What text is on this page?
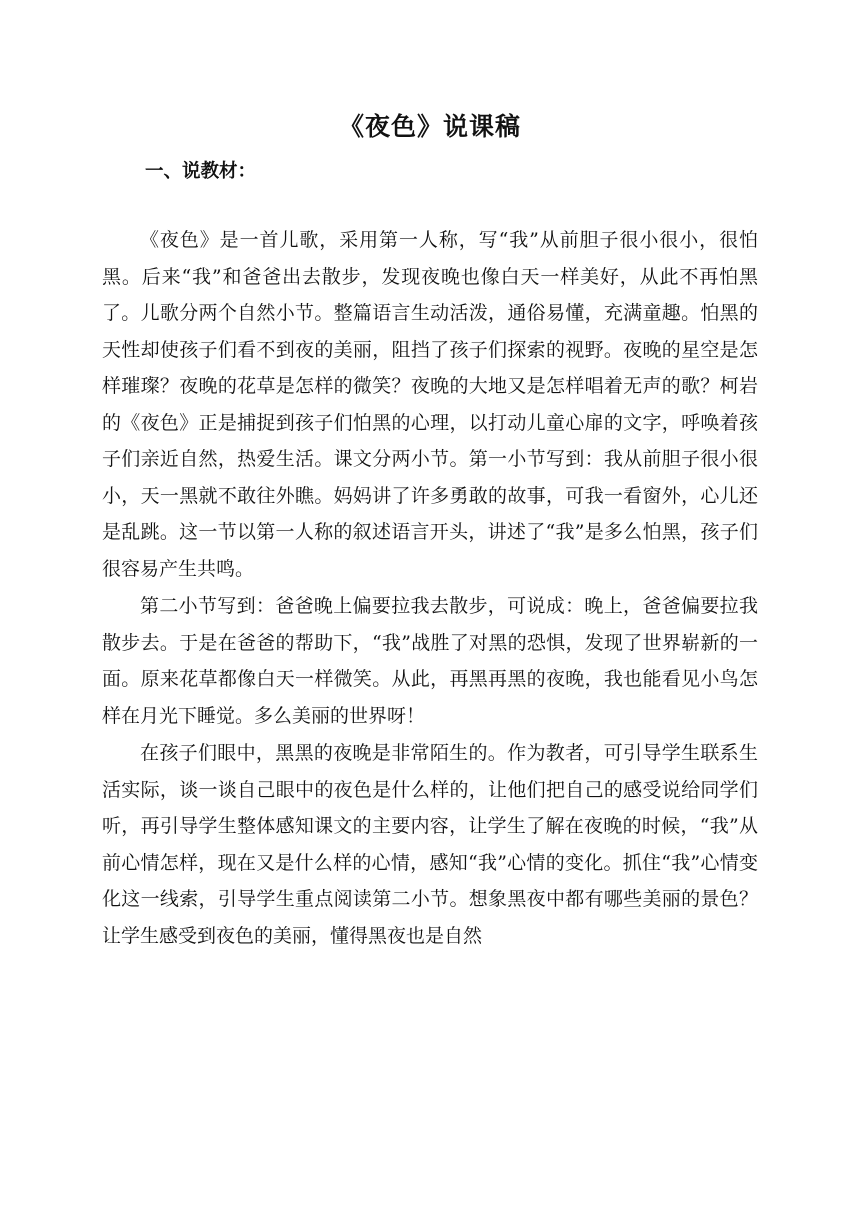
《夜色》说课稿
一、说教材：

《夜色》是一首儿歌，采用第一人称，写“我”从前胆子很小很小，很怕黑。后来“我”和爸爸出去散步，发现夜晚也像白天一样美好，从此不再怕黑了。儿歌分两个自然小节。整篇语言生动活泼，通俗易懂，充满童趣。怕黑的天性却使孩子们看不到夜的美丽，阻挡了孩子们探索的视野。夜晚的星空是怎样璀璨？夜晚的花草是怎样的微笑？夜晚的大地又是怎样唱着无声的歌？柯岩的《夜色》正是捕捉到孩子们怕黑的心理，以打动儿童心扉的文字，呼唤着孩子们亲近自然，热爱生活。课文分两小节。第一小节写到：我从前胆子很小很小，天一黑就不敢往外瞧。妈妈讲了许多勇敢的故事，可我一看窗外，心儿还是乱跳。这一节以第一人称的叙述语言开头，讲述了“我”是多么怕黑，孩子们很容易产生共鸣。

第二小节写到：爸爸晚上偏要拉我去散步，可说成：晚上，爸爸偏要拉我散步去。于是在爸爸的帮助下，“我”战胜了对黑的恐惧，发现了世界崭新的一面。原来花草都像白天一样微笑。从此，再黑再黑的夜晚，我也能看见小鸟怎样在月光下睡觉。多么美丽的世界呀！

在孩子们眼中，黑黑的夜晚是非常陌生的。作为教者，可引导学生联系生活实际，谈一谈自己眼中的夜色是什么样的，让他们把自己的感受说给同学们听，再引导学生整体感知课文的主要内容，让学生了解在夜晚的时候，“我”从前心情怎样，现在又是什么样的心情，感知“我”心情的变化。抓住“我”心情变化这一线索，引导学生重点阅读第二小节。想象黑夜中都有哪些美丽的景色？让学生感受到夜色的美丽，懂得黑夜也是自然
